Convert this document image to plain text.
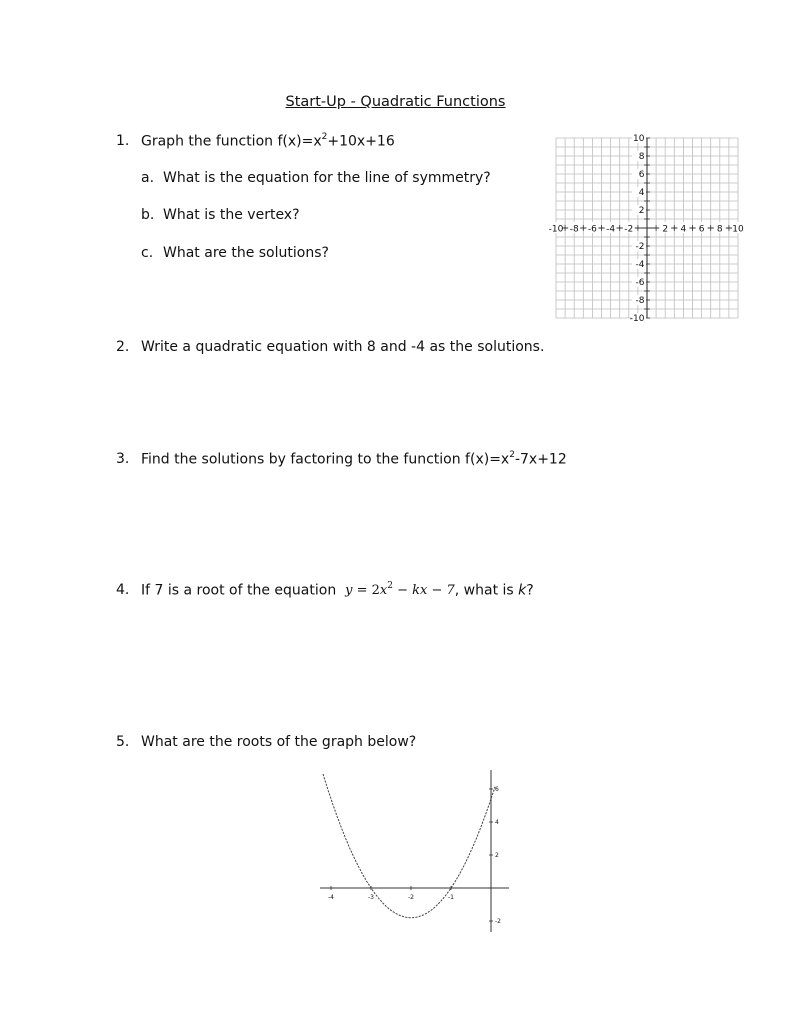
Start-Up - Quadratic Functions
1. Graph the function $f(x)=x^2+10x+16$
a. What is the equation for the line of symmetry?
b. What is the vertex?
c. What are the solutions?
-10 -8 -6 -4 -2	2 4 6 8 10
10
8
6
4
2
-2
-4
-6
-8
-10
2. Write a quadratic equation with 8 and -4 as the solutions.
3. Find the solutions by factoring to the function $f(x)=x^2-7x+12$
4. If 7 is a root of the equation $y = 2x^2$ − kx − 7, what is k?
5. What are the roots of the graph below?
-4	-3	-2	-1
6
4
2
-2
